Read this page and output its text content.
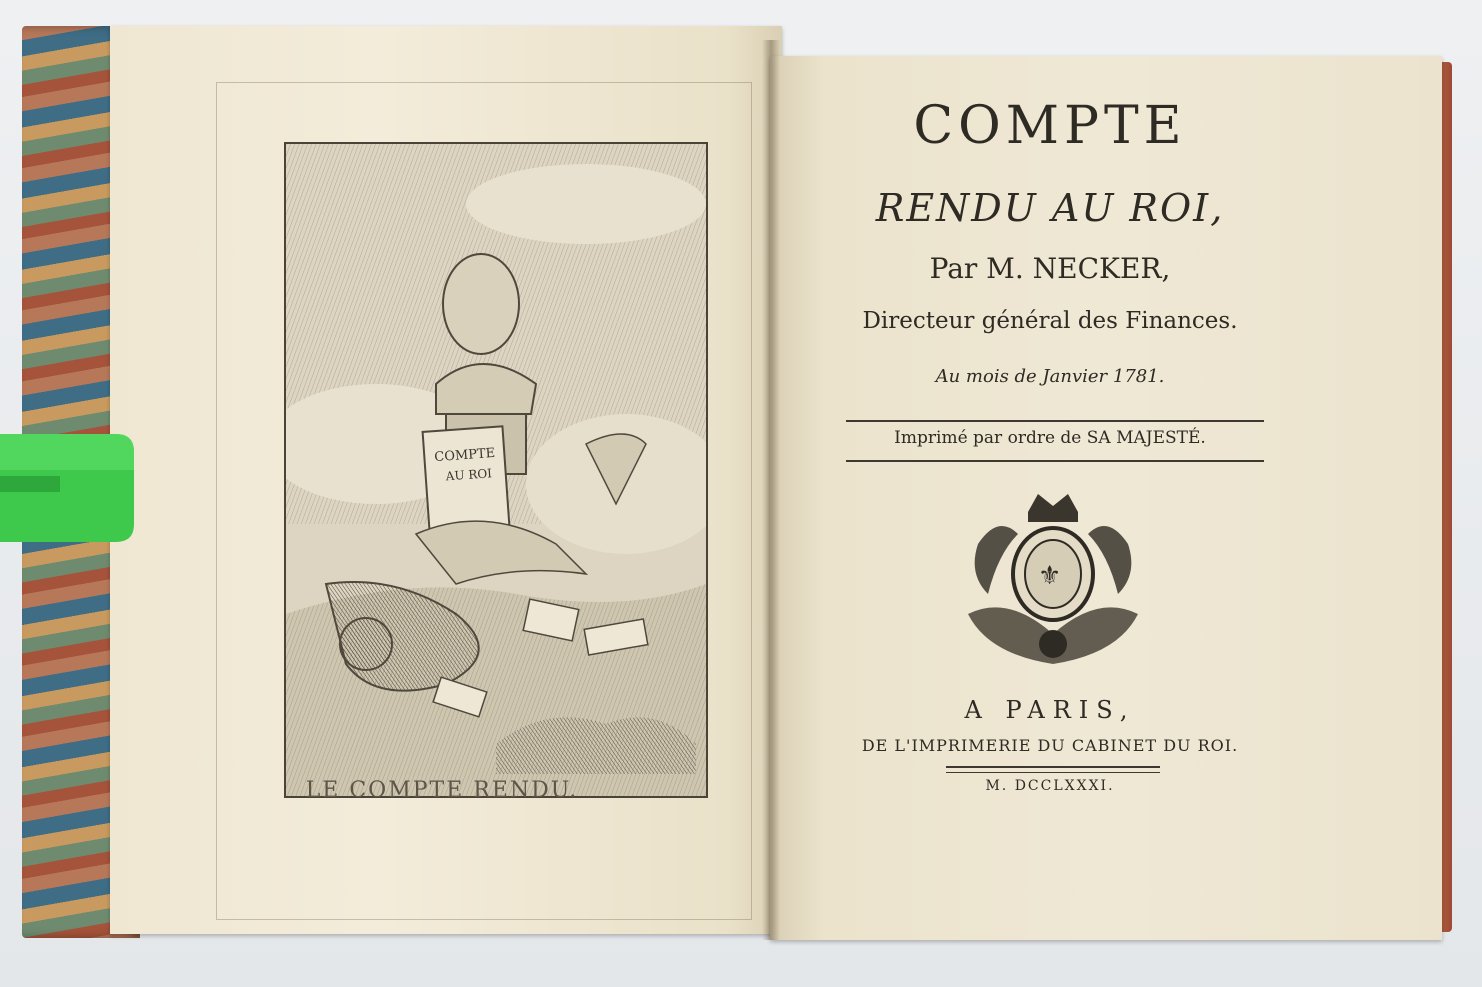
COMPTE
AU ROI
LE COMPTE RENDU.
COMPTE
RENDU AU ROI,
Par M. NECKER,
Directeur général des Finances.
Au mois de Janvier 1781.
Imprimé par ordre de SA MAJESTÉ.
⚜
A PARIS,
DE L'IMPRIMERIE DU CABINET DU ROI.
M. DCCLXXXI.
